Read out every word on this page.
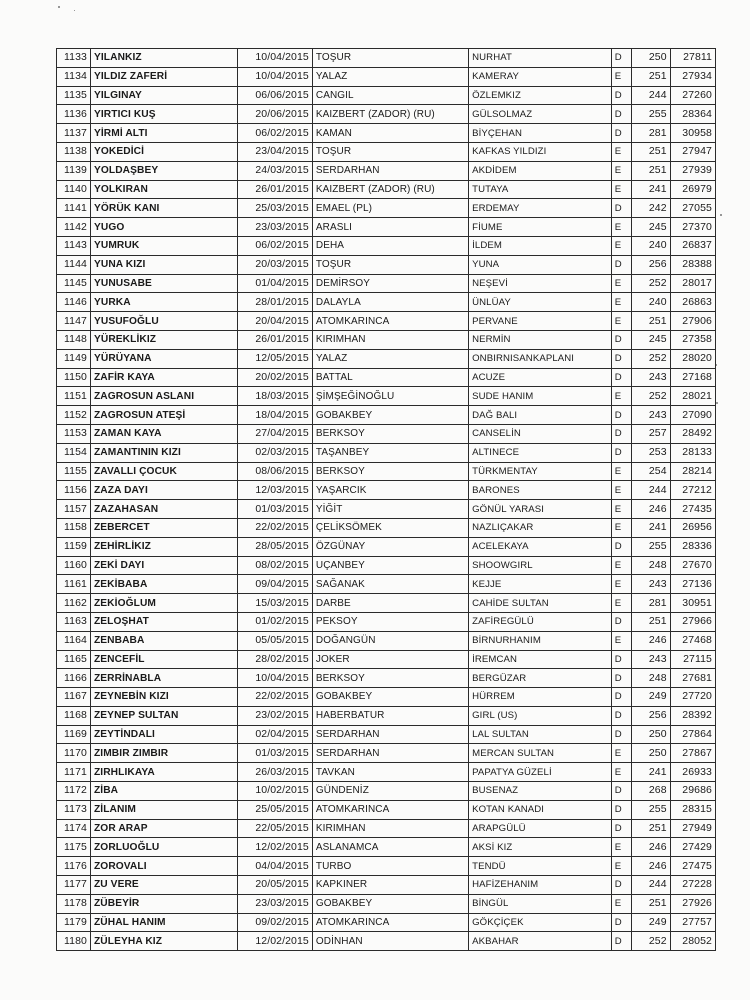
1133	YILANKIZ	10/04/2015	TOŞUR	NURHAT	D	250	27811
1134	YILDIZ ZAFERİ	10/04/2015	YALAZ	KAMERAY	E	251	27934
1135	YILGINAY	06/06/2015	CANGIL	ÖZLEMKIZ	D	244	27260
1136	YIRTICI KUŞ	20/06/2015	KAIZBERT (ZADOR) (RU)	GÜLSOLMAZ	D	255	28364
1137	YİRMİ ALTI	06/02/2015	KAMAN	BİYÇEHAN	D	281	30958
1138	YOKEDİCİ	23/04/2015	TOŞUR	KAFKAS YILDIZI	E	251	27947
1139	YOLDAŞBEY	24/03/2015	SERDARHAN	AKDİDEM	E	251	27939
1140	YOLKIRAN	26/01/2015	KAIZBERT (ZADOR) (RU)	TUTAYA	E	241	26979
1141	YÖRÜK KANI	25/03/2015	EMAEL (PL)	ERDEMAY	D	242	27055
1142	YUGO	23/03/2015	ARASLI	FİUME	E	245	27370
1143	YUMRUK	06/02/2015	DEHA	İLDEM	E	240	26837
1144	YUNA KIZI	20/03/2015	TOŞUR	YUNA	D	256	28388
1145	YUNUSABE	01/04/2015	DEMİRSOY	NEŞEVİ	E	252	28017
1146	YURKA	28/01/2015	DALAYLA	ÜNLÜAY	E	240	26863
1147	YUSUFOĞLU	20/04/2015	ATOMKARINCA	PERVANE	E	251	27906
1148	YÜREKLİKIZ	26/01/2015	KIRIMHAN	NERMİN	D	245	27358
1149	YÜRÜYANA	12/05/2015	YALAZ	ONBIRNISANKAPLANI	D	252	28020
1150	ZAFİR KAYA	20/02/2015	BATTAL	ACUZE	D	243	27168
1151	ZAGROSUN ASLANI	18/03/2015	ŞİMŞEĞİNOĞLU	SUDE HANIM	E	252	28021
1152	ZAGROSUN ATEŞİ	18/04/2015	GOBAKBEY	DAĞ BALI	D	243	27090
1153	ZAMAN KAYA	27/04/2015	BERKSOY	CANSELİN	D	257	28492
1154	ZAMANTININ KIZI	02/03/2015	TAŞANBEY	ALTINECE	D	253	28133
1155	ZAVALLI ÇOCUK	08/06/2015	BERKSOY	TÜRKMENTAY	E	254	28214
1156	ZAZA DAYI	12/03/2015	YAŞARCIK	BARONES	E	244	27212
1157	ZAZAHASAN	01/03/2015	YİĞİT	GÖNÜL YARASI	E	246	27435
1158	ZEBERCET	22/02/2015	ÇELİKSÖMEK	NAZLIÇAKAR	E	241	26956
1159	ZEHİRLİKIZ	28/05/2015	ÖZGÜNAY	ACELEKAYA	D	255	28336
1160	ZEKİ DAYI	08/02/2015	UÇANBEY	SHOOWGIRL	E	248	27670
1161	ZEKİBABA	09/04/2015	SAĞANAK	KEJJE	E	243	27136
1162	ZEKİOĞLUM	15/03/2015	DARBE	CAHİDE SULTAN	E	281	30951
1163	ZELOŞHAT	01/02/2015	PEKSOY	ZAFİREGÜLÜ	D	251	27966
1164	ZENBABA	05/05/2015	DOĞANGÜN	BİRNURHANIM	E	246	27468
1165	ZENCEFİL	28/02/2015	JOKER	İREMCAN	D	243	27115
1166	ZERRİNABLA	10/04/2015	BERKSOY	BERGÜZAR	D	248	27681
1167	ZEYNEBİN KIZI	22/02/2015	GOBAKBEY	HÜRREM	D	249	27720
1168	ZEYNEP SULTAN	23/02/2015	HABERBATUR	GIRL (US)	D	256	28392
1169	ZEYTİNDALI	02/04/2015	SERDARHAN	LAL SULTAN	D	250	27864
1170	ZIMBIR ZIMBIR	01/03/2015	SERDARHAN	MERCAN SULTAN	E	250	27867
1171	ZIRHLIKAYA	26/03/2015	TAVKAN	PAPATYA GÜZELİ	E	241	26933
1172	ZİBA	10/02/2015	GÜNDENİZ	BUSENAZ	D	268	29686
1173	ZİLANIM	25/05/2015	ATOMKARINCA	KOTAN KANADI	D	255	28315
1174	ZOR ARAP	22/05/2015	KIRIMHAN	ARAPGÜLÜ	D	251	27949
1175	ZORLUOĞLU	12/02/2015	ASLANAMCA	AKSİ KIZ	E	246	27429
1176	ZOROVALI	04/04/2015	TURBO	TENDÜ	E	246	27475
1177	ZU VERE	20/05/2015	KAPKINER	HAFİZEHANIM	D	244	27228
1178	ZÜBEYİR	23/03/2015	GOBAKBEY	BİNGÜL	E	251	27926
1179	ZÜHAL HANIM	09/02/2015	ATOMKARINCA	GÖKÇİÇEK	D	249	27757
1180	ZÜLEYHA KIZ	12/02/2015	ODİNHAN	AKBAHAR	D	252	28052
